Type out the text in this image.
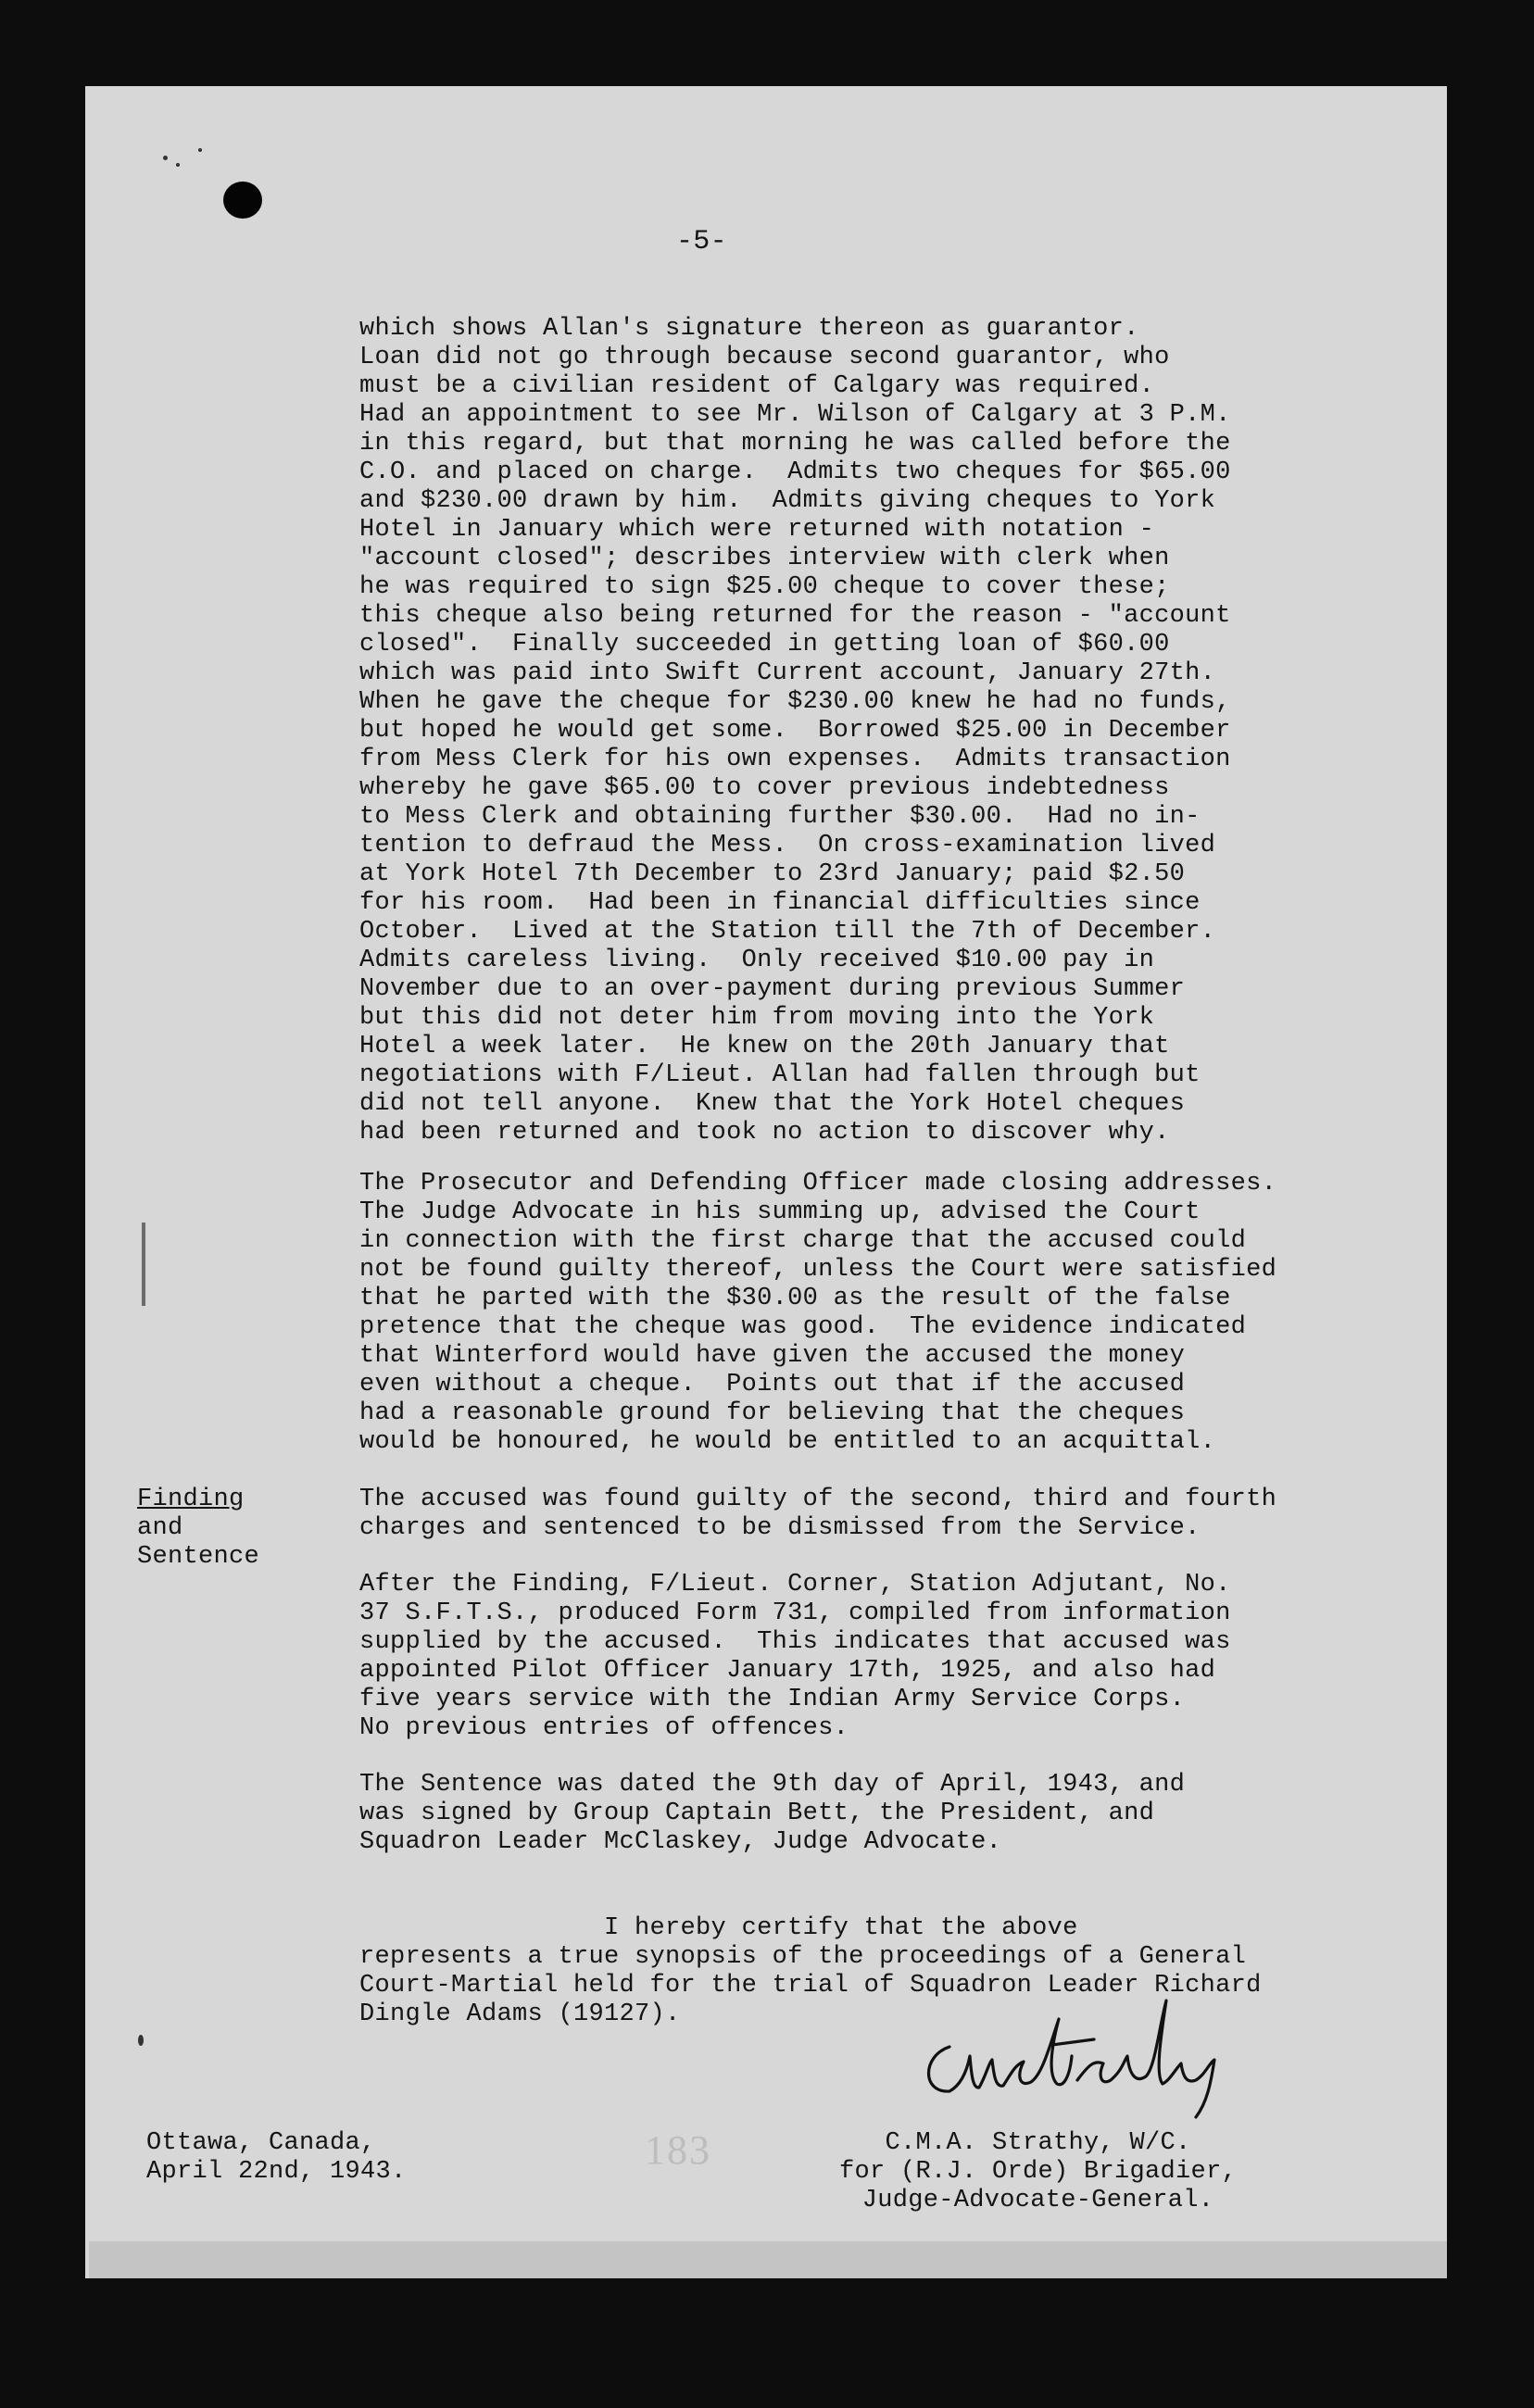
-5-
which shows Allan's signature thereon as guarantor.
Loan did not go through because second guarantor, who
must be a civilian resident of Calgary was required.
Had an appointment to see Mr. Wilson of Calgary at 3 P.M.
in this regard, but that morning he was called before the
C.O. and placed on charge.  Admits two cheques for $65.00
and $230.00 drawn by him.  Admits giving cheques to York
Hotel in January which were returned with notation -
"account closed"; describes interview with clerk when
he was required to sign $25.00 cheque to cover these;
this cheque also being returned for the reason - "account
closed".  Finally succeeded in getting loan of $60.00
which was paid into Swift Current account, January 27th.
When he gave the cheque for $230.00 knew he had no funds,
but hoped he would get some.  Borrowed $25.00 in December
from Mess Clerk for his own expenses.  Admits transaction
whereby he gave $65.00 to cover previous indebtedness
to Mess Clerk and obtaining further $30.00.  Had no in-
tention to defraud the Mess.  On cross-examination lived
at York Hotel 7th December to 23rd January; paid $2.50
for his room.  Had been in financial difficulties since
October.  Lived at the Station till the 7th of December.
Admits careless living.  Only received $10.00 pay in
November due to an over-payment during previous Summer
but this did not deter him from moving into the York
Hotel a week later.  He knew on the 20th January that
negotiations with F/Lieut. Allan had fallen through but
did not tell anyone.  Knew that the York Hotel cheques
had been returned and took no action to discover why.
The Prosecutor and Defending Officer made closing addresses.
The Judge Advocate in his summing up, advised the Court
in connection with the first charge that the accused could
not be found guilty thereof, unless the Court were satisfied
that he parted with the $30.00 as the result of the false
pretence that the cheque was good.  The evidence indicated
that Winterford would have given the accused the money
even without a cheque.  Points out that if the accused
had a reasonable ground for believing that the cheques
would be honoured, he would be entitled to an acquittal.
Finding
and
Sentence
The accused was found guilty of the second, third and fourth
charges and sentenced to be dismissed from the Service.
After the Finding, F/Lieut. Corner, Station Adjutant, No.
37 S.F.T.S., produced Form 731, compiled from information
supplied by the accused.  This indicates that accused was
appointed Pilot Officer January 17th, 1925, and also had
five years service with the Indian Army Service Corps.
No previous entries of offences.
The Sentence was dated the 9th day of April, 1943, and
was signed by Group Captain Bett, the President, and
Squadron Leader McClaskey, Judge Advocate.
I hereby certify that the above
represents a true synopsis of the proceedings of a General
Court-Martial held for the trial of Squadron Leader Richard
Dingle Adams (19127).
183
Ottawa, Canada,
April 22nd, 1943.
C.M.A. Strathy, W/C.
for (R.J. Orde) Brigadier,
Judge-Advocate-General.
